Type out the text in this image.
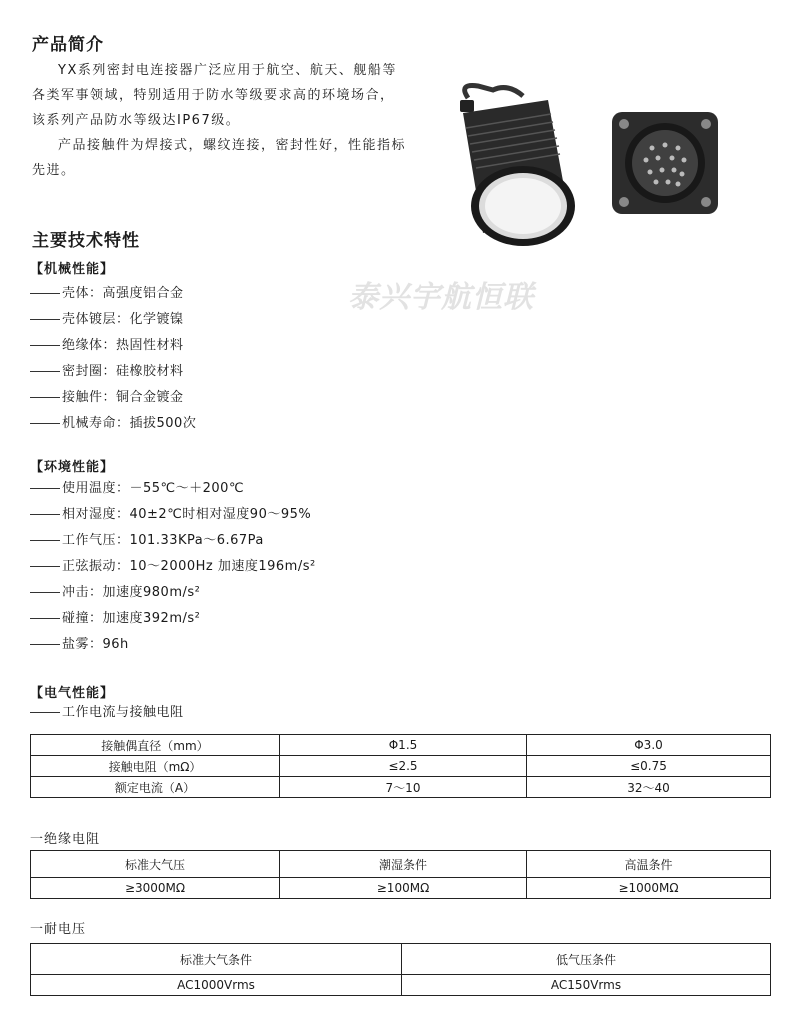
产品简介
YX系列密封电连接器广泛应用于航空、航天、舰船等
各类军事领域，特别适用于防水等级要求高的环境场合，
该系列产品防水等级达IP67级。
产品接触件为焊接式，螺纹连接，密封性好，性能指标
先进。
泰兴宇航恒联
主要技术特性
【机械性能】
壳体：高强度铝合金
壳体镀层：化学镀镍
绝缘体：热固性材料
密封圈：硅橡胶材料
接触件：铜合金镀金
机械寿命：插拔500次
【环境性能】
使用温度：－55℃～＋200℃
相对湿度：40±2℃时相对湿度90～95%
工作气压：101.33KPa～6.67Pa
正弦振动：10～2000Hz 加速度196m/s²
冲击：加速度980m/s²
碰撞：加速度392m/s²
盐雾：96h
【电气性能】
工作电流与接触电阻
接触偶直径（mm）	Φ1.5	Φ3.0
接触电阻（mΩ）	≤2.5	≤0.75
额定电流（A）	7～10	32～40
一绝缘电阻
标准大气压	潮湿条件	高温条件
≥3000MΩ	≥100MΩ	≥1000MΩ
一耐电压
标准大气条件	低气压条件
AC1000Vrms	AC150Vrms
